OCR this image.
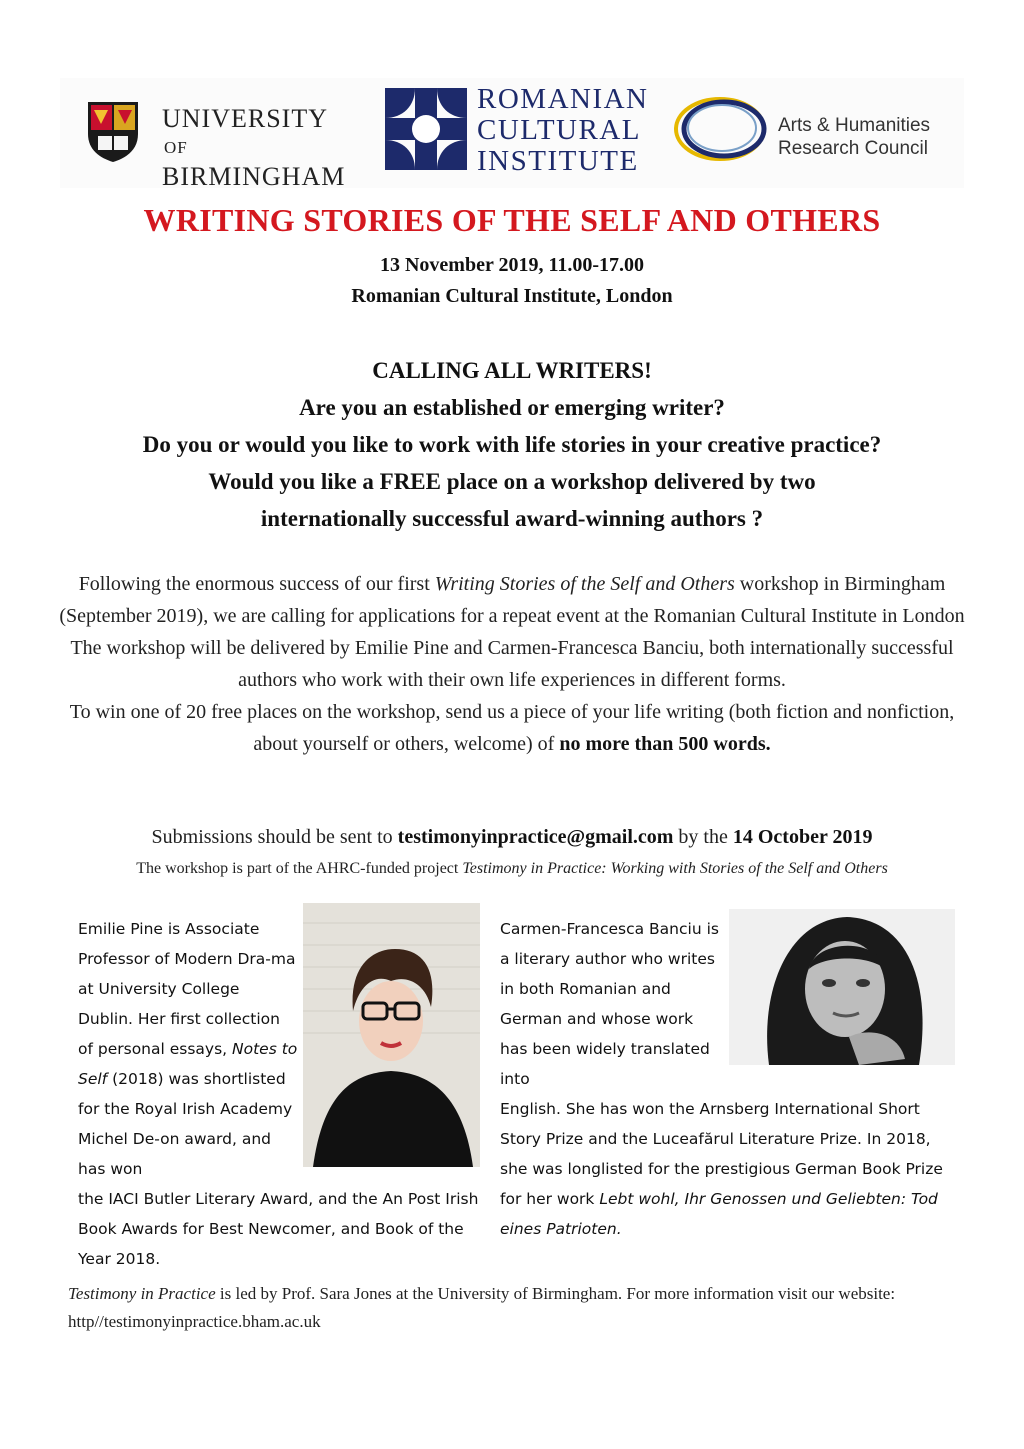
UNIVERSITY
OF
BIRMINGHAM
ROMANIAN
CULTURAL
INSTITUTE
Arts & Humanities
Research Council
WRITING STORIES OF THE SELF AND OTHERS
13 November 2019, 11.00-17.00
Romanian Cultural Institute, London

CALLING ALL WRITERS!

Are you an established or emerging writer?

Do you or would you like to work with life stories in your creative practice?

Would you like a FREE place on a workshop delivered by two

internationally successful award-winning authors ?

Following the enormous success of our first Writing Stories of the Self and Others workshop in Birmingham (September 2019), we are calling for applications for a repeat event at the Romanian Cultural Institute in London

The workshop will be delivered by Emilie Pine and Carmen-Francesca Banciu, both internationally successful authors who work with their own life experiences in different forms.

To win one of 20 free places on the workshop, send us a piece of your life writing (both fiction and nonfiction, about yourself or others, welcome) of no more than 500 words.

Submissions should be sent to testimonyinpractice@gmail.com by the 14 October 2019
The workshop is part of the AHRC-funded project Testimony in Practice: Working with Stories of the Self and Others

Emilie Pine is Associate Professor of Modern Dra-ma at University College Dublin. Her first collection of personal essays, Notes to Self (2018) was shortlisted for the Royal Irish Academy Michel De-on award, and has won

the IACI Butler Literary Award, and the An Post Irish Book Awards for Best Newcomer, and Book of the Year 2018.

Carmen-Francesca Banciu is a literary author who writes in both Romanian and German and whose work has been widely translated into

English. She has won the Arnsberg International Short Story Prize and the Luceafărul Literature Prize. In 2018, she was longlisted for the prestigious German Book Prize for her work Lebt wohl, Ihr Genossen und Geliebten: Tod eines Patrioten.

Testimony in Practice is led by Prof. Sara Jones at the University of Birmingham. For more information visit our website: http//testimonyinpractice.bham.ac.uk
